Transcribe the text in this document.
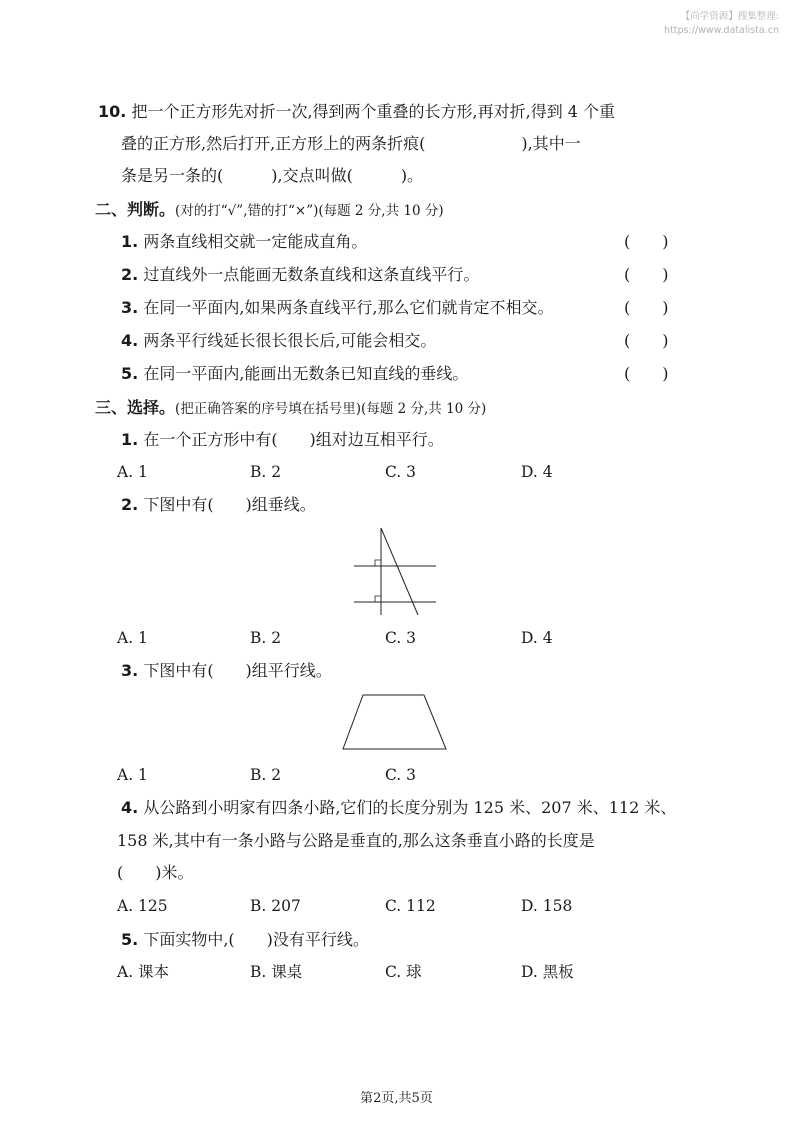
【尚学资源】搜集整理:
https://www.datalista.cn
10. 把一个正方形先对折一次,得到两个重叠的长方形,再对折,得到 4 个重
叠的正方形,然后打开,正方形上的两条折痕(　　　　　　),其中一
条是另一条的(　　　),交点叫做(　　　)。
二、判断。(对的打“√”,错的打“×”)(每题 2 分,共 10 分)
1. 两条直线相交就一定能成直角。	(　　)
2. 过直线外一点能画无数条直线和这条直线平行。	(　　)
3. 在同一平面内,如果两条直线平行,那么它们就肯定不相交。	(　　)
4. 两条平行线延长很长很长后,可能会相交。	(　　)
5. 在同一平面内,能画出无数条已知直线的垂线。	(　　)
三、选择。(把正确答案的序号填在括号里)(每题 2 分,共 10 分)
1. 在一个正方形中有(　　)组对边互相平行。
A. 1	B. 2	C. 3	D. 4
2. 下图中有(　　)组垂线。
A. 1	B. 2	C. 3	D. 4
3. 下图中有(　　)组平行线。
A. 1	B. 2	C. 3
4. 从公路到小明家有四条小路,它们的长度分别为 125 米、207 米、112 米、
158 米,其中有一条小路与公路是垂直的,那么这条垂直小路的长度是
(　　)米。
A. 125	B. 207	C. 112	D. 158
5. 下面实物中,(　　)没有平行线。
A. 课本	B. 课桌	C. 球	D. 黑板
第2页,共5页
